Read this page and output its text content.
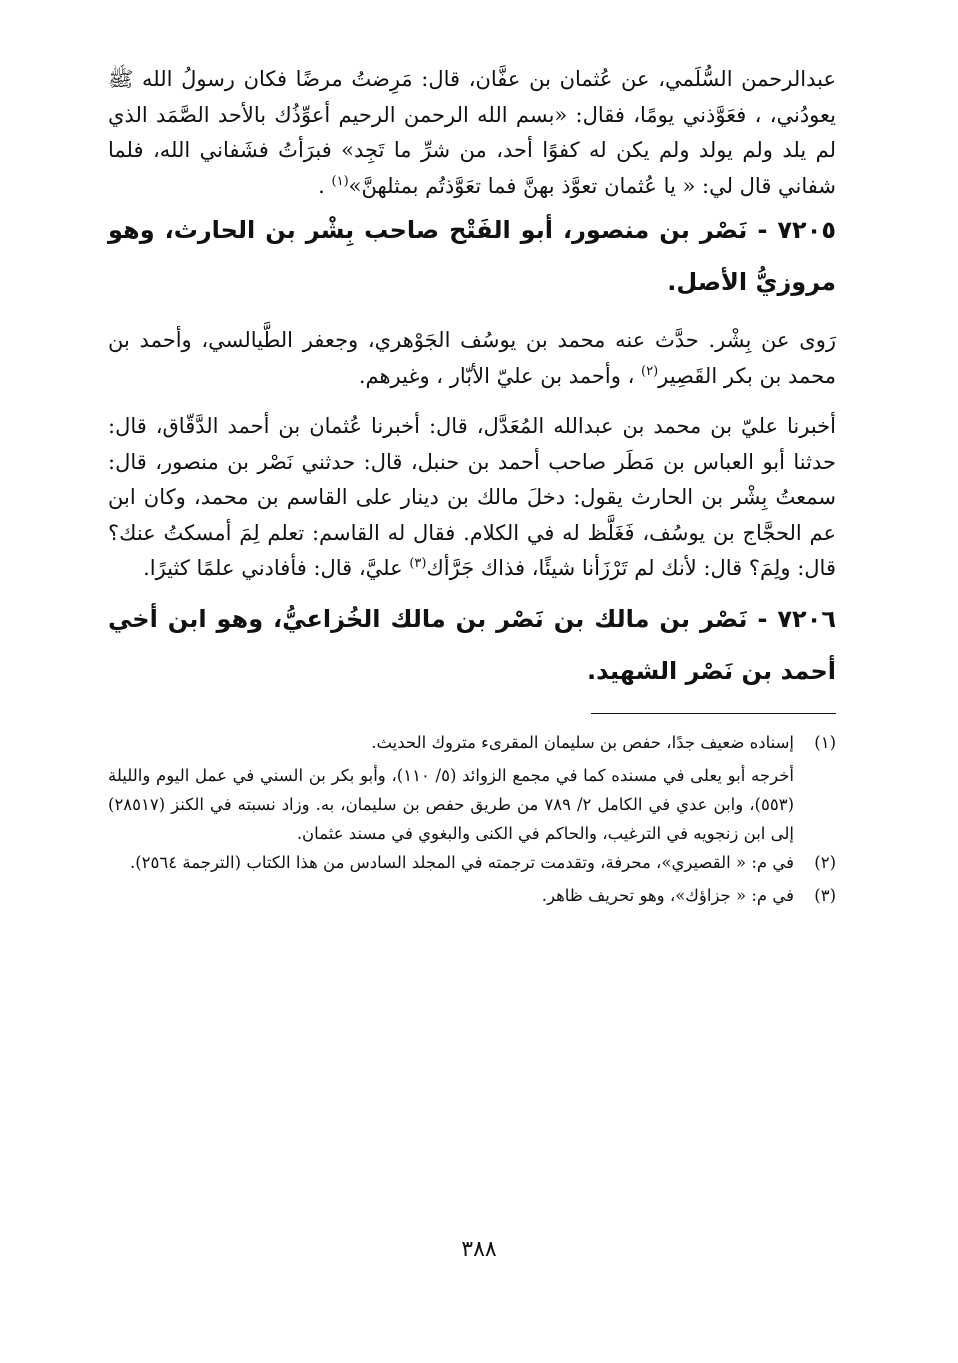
عبدالرحمن السُّلَمي، عن عُثمان بن عفَّان، قال: مَرِضتُ مرضًا فكان رسولُ الله ﷺ يعودُني، ، فعَوَّذني يومًا، فقال: «بسم الله الرحمن الرحيم أعوِّذُك بالأحد الصَّمَد الذي لم يلد ولم يولد ولم يكن له كفوًا أحد، من شرِّ ما تَجِد» فبرَأتُ فشَفاني الله، فلما شفاني قال لي: « يا عُثمان تعوَّذ بهنَّ فما تعَوَّذتُم بمثلهنَّ»$^{(١)}$ .

٧٢٠٥ - نَصْر بن منصور، أبو الفَتْح صاحب بِشْر بن الحارث، وهو مروزيُّ الأصل.

رَوى عن بِشْر. حدَّث عنه محمد بن يوسُف الجَوْهري، وجعفر الطَّيالسي، وأحمد بن محمد بن بكر القَصِير$^{(٢)}$ ، وأحمد بن عليّ الأبّار ، وغيرهم.

أخبرنا عليّ بن محمد بن عبدالله المُعَدَّل، قال: أخبرنا عُثمان بن أحمد الدَّقّاق، قال: حدثنا أبو العباس بن مَطَر صاحب أحمد بن حنبل، قال: حدثني نَصْر بن منصور، قال: سمعتُ بِشْر بن الحارث يقول: دخلَ مالك بن دينار على القاسم بن محمد، وكان ابن عم الحجَّاج بن يوسُف، فَغَلَّظ له في الكلام. فقال له القاسم: تعلم لِمَ أمسكتُ عنك؟ قال: ولِمَ؟ قال: لأنك لم تَرْزَأنا شيئًا، فذاك جَرَّأك$^{(٣)}$ عليَّ، قال: فأفادني علمًا كثيرًا.

٧٢٠٦ - نَصْر بن مالك بن نَصْر بن مالك الخُزاعيُّ، وهو ابن أخي أحمد بن نَصْر الشهيد.

(١)

إسناده ضعيف جدًا، حفص بن سليمان المقرىء متروك الحديث.

أخرجه أبو يعلى في مسنده كما في مجمع الزوائد (٥/ ١١٠)، وأبو بكر بن السني في عمل اليوم والليلة (٥٥٣)، وابن عدي في الكامل ٢/ ٧٨٩ من طريق حفص بن سليمان، به. وزاد نسبته في الكنز (٢٨٥١٧) إلى ابن زنجويه في الترغيب، والحاكم في الكنى والبغوي في مسند عثمان.

(٢)

في م: « القصيري»، محرفة، وتقدمت ترجمته في المجلد السادس من هذا الكتاب (الترجمة ٢٥٦٤).

(٣)

في م: « جزاؤك»، وهو تحريف ظاهر.

٣٨٨
